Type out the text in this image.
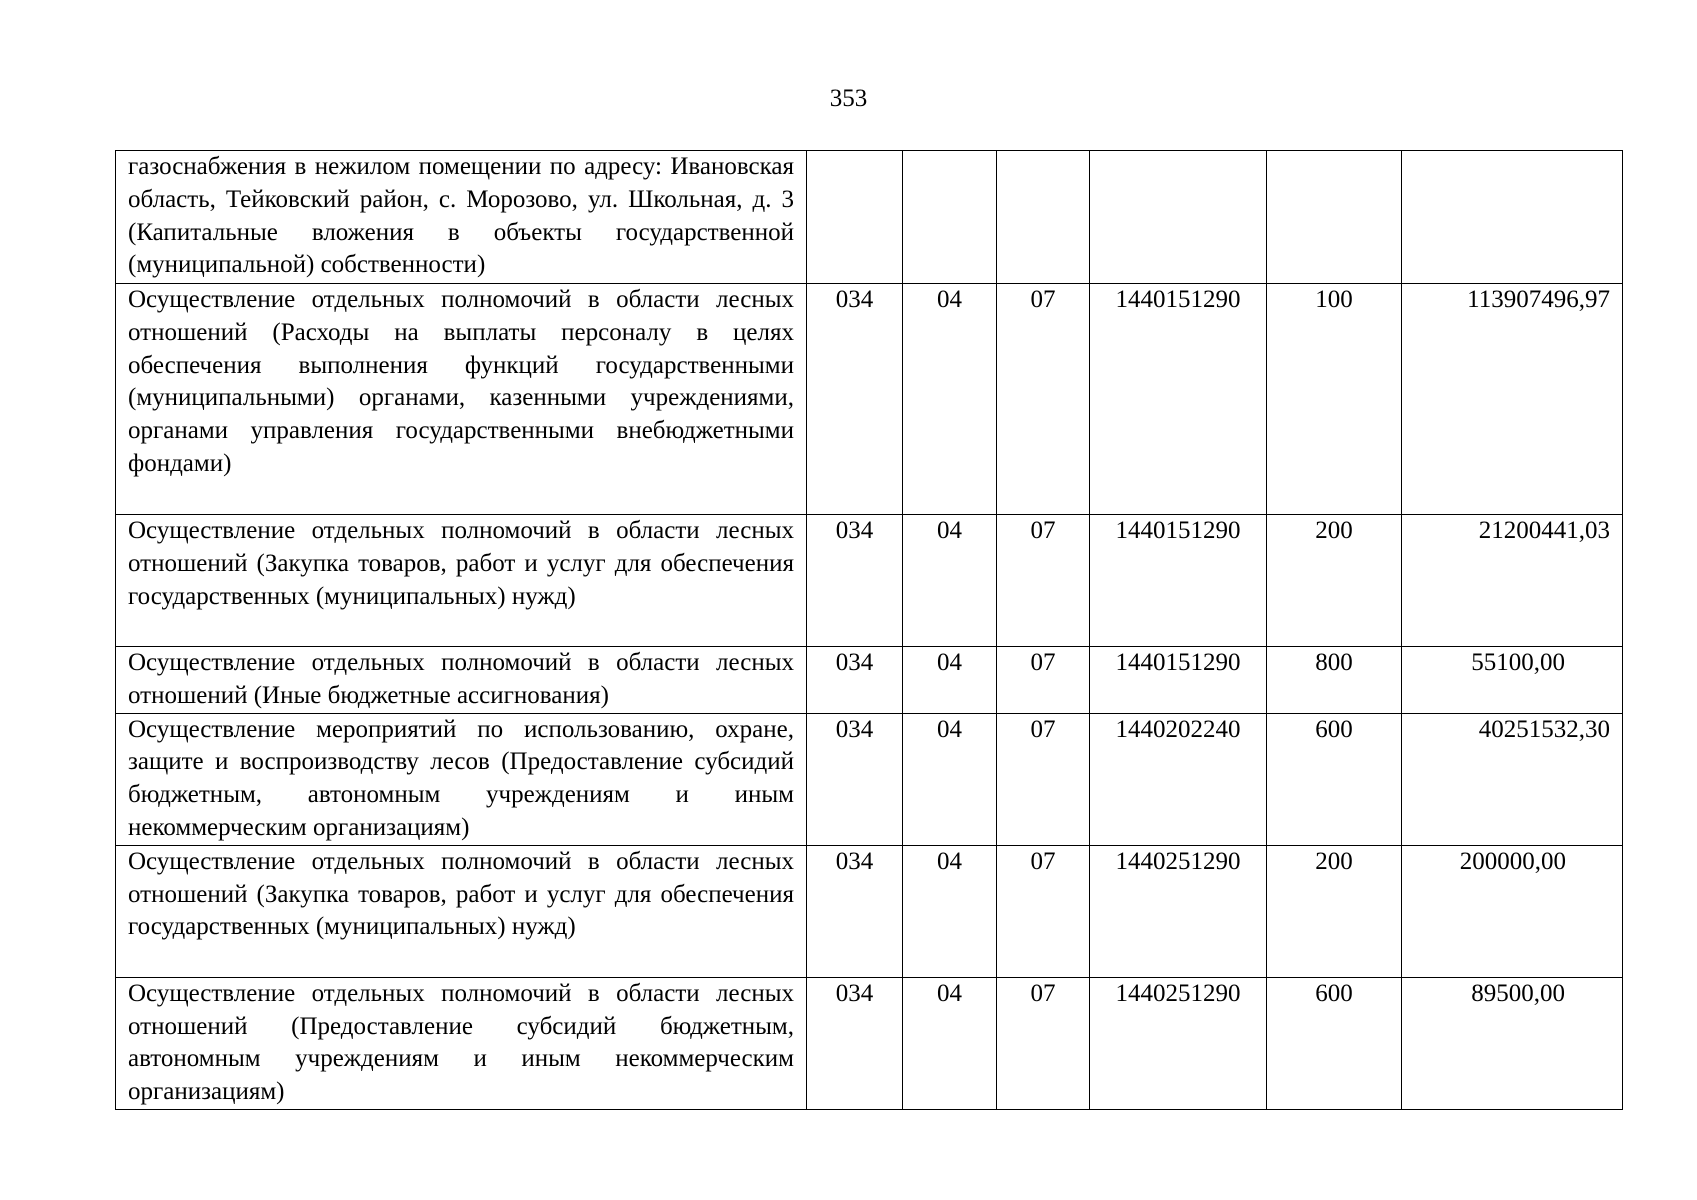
353
газоснабжения в нежилом помещении по адресу: Ивановская область, Тейковский район, с. Морозово, ул. Школьная, д. 3 (Капитальные вложения в объекты государственной (муниципальной) собственности)						
Осуществление отдельных полномочий в области лесных отношений (Расходы на выплаты персоналу в целях обеспечения выполнения функций государственными (муниципальными) органами, казенными учреждениями, органами управления государственными внебюджетными фондами)	034	04	07	1440151290	100	113907496,97
Осуществление отдельных полномочий в области лесных отношений (Закупка товаров, работ и услуг для обеспечения государственных (муниципальных) нужд)	034	04	07	1440151290	200	21200441,03
Осуществление отдельных полномочий в области лесных отношений (Иные бюджетные ассигнования)	034	04	07	1440151290	800	55100,00
Осуществление мероприятий по использованию, охране, защите и воспроизводству лесов (Предоставление субсидий бюджетным, автономным учреждениям и иным некоммерческим организациям)	034	04	07	1440202240	600	40251532,30
Осуществление отдельных полномочий в области лесных отношений (Закупка товаров, работ и услуг для обеспечения государственных (муниципальных) нужд)	034	04	07	1440251290	200	200000,00
Осуществление отдельных полномочий в области лесных отношений (Предоставление субсидий бюджетным, автономным учреждениям и иным некоммерческим организациям)	034	04	07	1440251290	600	89500,00
